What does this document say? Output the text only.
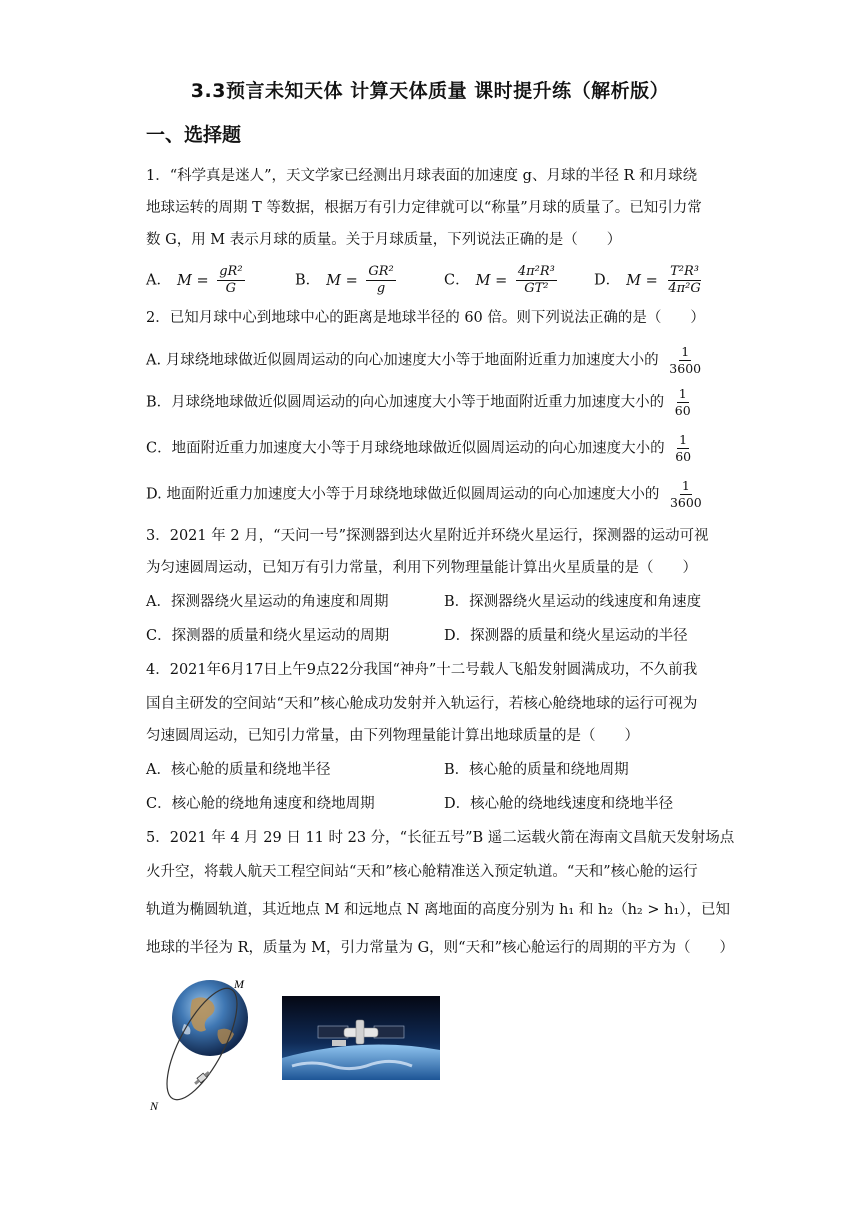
3.3预言未知天体 计算天体质量 课时提升练（解析版）
一、选择题
1．“科学真是迷人”，天文学家已经测出月球表面的加速度 g、月球的半径 R 和月球绕
地球运转的周期 T 等数据，根据万有引力定律就可以“称量”月球的质量了。已知引力常
数 G，用 M 表示月球的质量。关于月球质量，下列说法正确的是（　　）
A． $M = \frac{\text{gR²}}{G}$	B． $M = \frac{\text{GR²}}{g}$	C． $M = \frac{\text{4π²R³}}{\text{GT²}}$	D． $M = \frac{\text{T²R³}}{\text{4π²G}}$
2．已知月球中心到地球中心的距离是地球半径的 60 倍。则下列说法正确的是（　　）
A. 月球绕地球做近似圆周运动的向心加速度大小等于地面附近重力加速度大小的 $\frac{1}{3600}$
B．月球绕地球做近似圆周运动的向心加速度大小等于地面附近重力加速度大小的 $\frac{1}{60}$
C．地面附近重力加速度大小等于月球绕地球做近似圆周运动的向心加速度大小的 $\frac{1}{60}$
D. 地面附近重力加速度大小等于月球绕地球做近似圆周运动的向心加速度大小的 $\frac{1}{3600}$
3．2021 年 2 月，“天问一号”探测器到达火星附近并环绕火星运行，探测器的运动可视
为匀速圆周运动，已知万有引力常量，利用下列物理量能计算出火星质量的是（　　）
A．探测器绕火星运动的角速度和周期	B．探测器绕火星运动的线速度和角速度
C．探测器的质量和绕火星运动的周期	D．探测器的质量和绕火星运动的半径
4．2021年6月17日上午9点22分我国“神舟”十二号载人飞船发射圆满成功，不久前我
国自主研发的空间站“天和”核心舱成功发射并入轨运行，若核心舱绕地球的运行可视为
匀速圆周运动，已知引力常量，由下列物理量能计算出地球质量的是（　　）
A．核心舱的质量和绕地半径	B．核心舱的质量和绕地周期
C．核心舱的绕地角速度和绕地周期	D．核心舱的绕地线速度和绕地半径
5．2021 年 4 月 29 日 11 时 23 分，“长征五号”B 遥二运载火箭在海南文昌航天发射场点
火升空，将载人航天工程空间站“天和”核心舱精准送入预定轨道。“天和”核心舱的运行
轨道为椭圆轨道，其近地点 M 和远地点 N 离地面的高度分别为 h₁ 和 h₂（h₂ > h₁），已知
地球的半径为 R，质量为 M，引力常量为 G，则“天和”核心舱运行的周期的平方为（　　）
M
N
